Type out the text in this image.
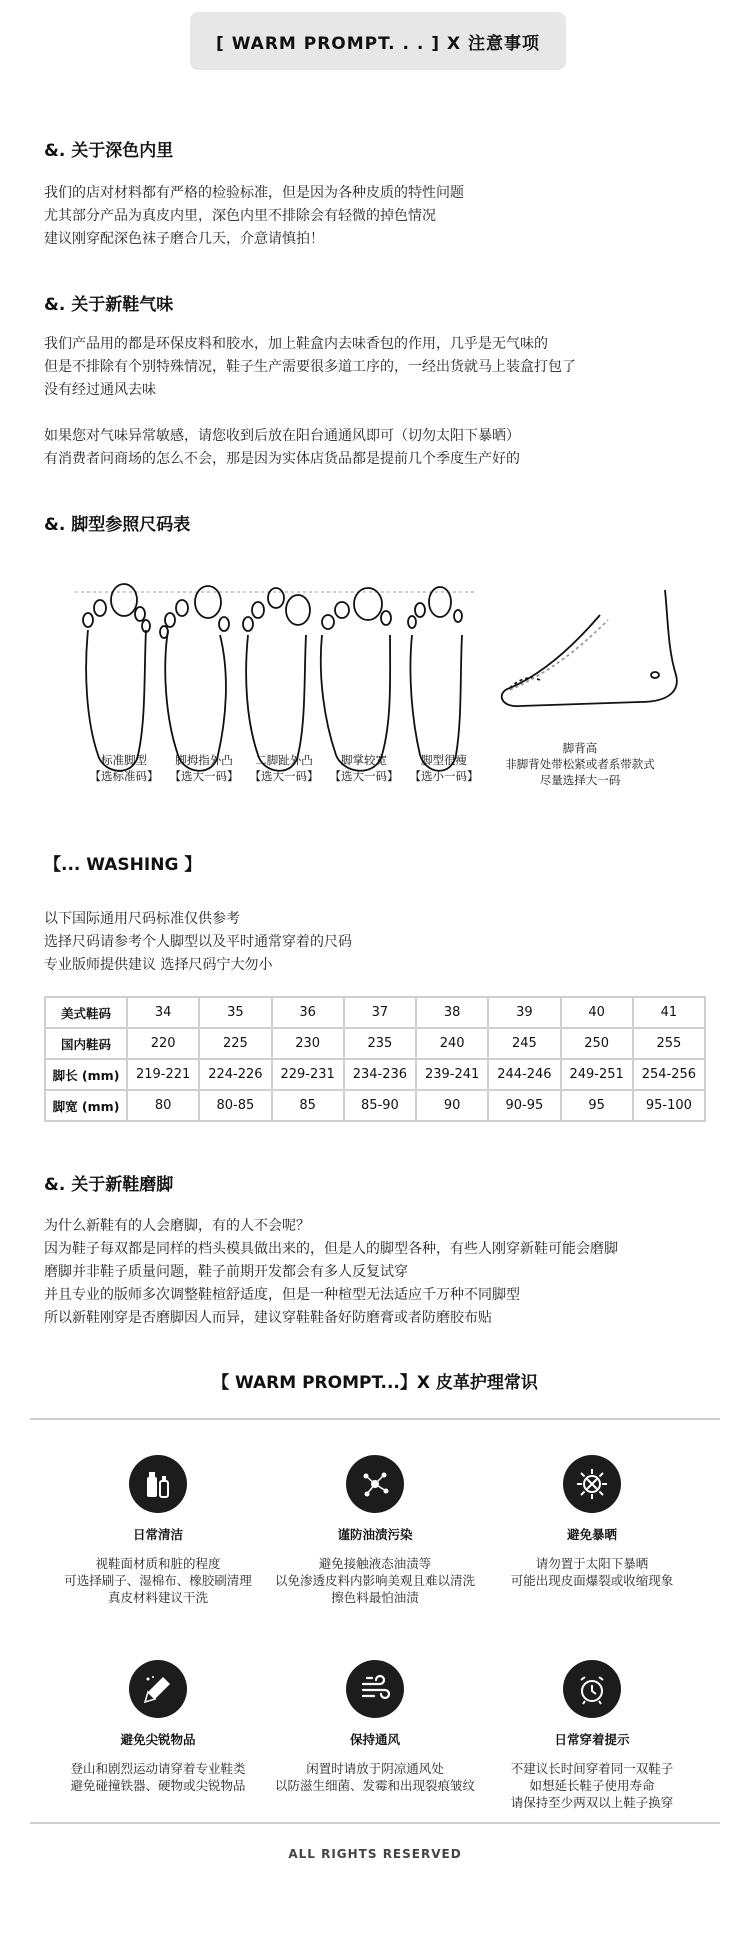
[ WARM PROMPT. . . ] X 注意事项
&. 关于深色内里

我们的店对材料都有严格的检验标准，但是因为各种皮质的特性问题

尤其部分产品为真皮内里，深色内里不排除会有轻微的掉色情况

建议刚穿配深色袜子磨合几天，介意请慎拍！

&. 关于新鞋气味

我们产品用的都是环保皮料和胶水，加上鞋盒内去味香包的作用，几乎是无气味的

但是不排除有个别特殊情况，鞋子生产需要很多道工序的，一经出货就马上装盒打包了

没有经过通风去味

如果您对气味异常敏感，请您收到后放在阳台通通风即可（切勿太阳下暴晒）

有消费者问商场的怎么不会，那是因为实体店货品都是提前几个季度生产好的

&. 脚型参照尺码表
标准脚型
【选标准码】
脚拇指外凸
【选大一码】
二脚趾外凸
【选大一码】
脚掌较宽
【选大一码】
脚型很瘦
【选小一码】
脚背高
非脚背处带松紧或者系带款式
尽量选择大一码
【... WASHING 】

以下国际通用尺码标准仅供参考

选择尺码请参考个人脚型以及平时通常穿着的尺码

专业版师提供建议 选择尺码宁大勿小

美式鞋码	34	35	36	37	38	39	40	41
国内鞋码	220	225	230	235	240	245	250	255
脚长 (mm)	219-221	224-226	229-231	234-236	239-241	244-246	249-251	254-256
脚宽 (mm)	80	80-85	85	85-90	90	90-95	95	95-100
&. 关于新鞋磨脚

为什么新鞋有的人会磨脚，有的人不会呢？

因为鞋子每双都是同样的档头模具做出来的，但是人的脚型各种，有些人刚穿新鞋可能会磨脚

磨脚并非鞋子质量问题，鞋子前期开发都会有多人反复试穿

并且专业的版师多次调整鞋楦舒适度，但是一种楦型无法适应千万种不同脚型

所以新鞋刚穿是否磨脚因人而异，建议穿鞋鞋备好防磨膏或者防磨胶布贴

【 WARM PROMPT...】X 皮革护理常识
日常清洁

视鞋面材质和脏的程度

可选择刷子、湿棉布、橡胶刷清理

真皮材料建议干洗

谨防油渍污染

避免接触液态油渍等

以免渗透皮料内影响美观且难以清洗

擦色料最怕油渍

避免暴晒

请勿置于太阳下暴晒

可能出现皮面爆裂或收缩现象

避免尖锐物品

登山和剧烈运动请穿着专业鞋类

避免碰撞铁器、硬物或尖锐物品

保持通风

闲置时请放于阴凉通风处

以防滋生细菌、发霉和出现裂痕皱纹

日常穿着提示

不建议长时间穿着同一双鞋子

如想延长鞋子使用寿命

请保持至少两双以上鞋子换穿

ALL RIGHTS RESERVED
